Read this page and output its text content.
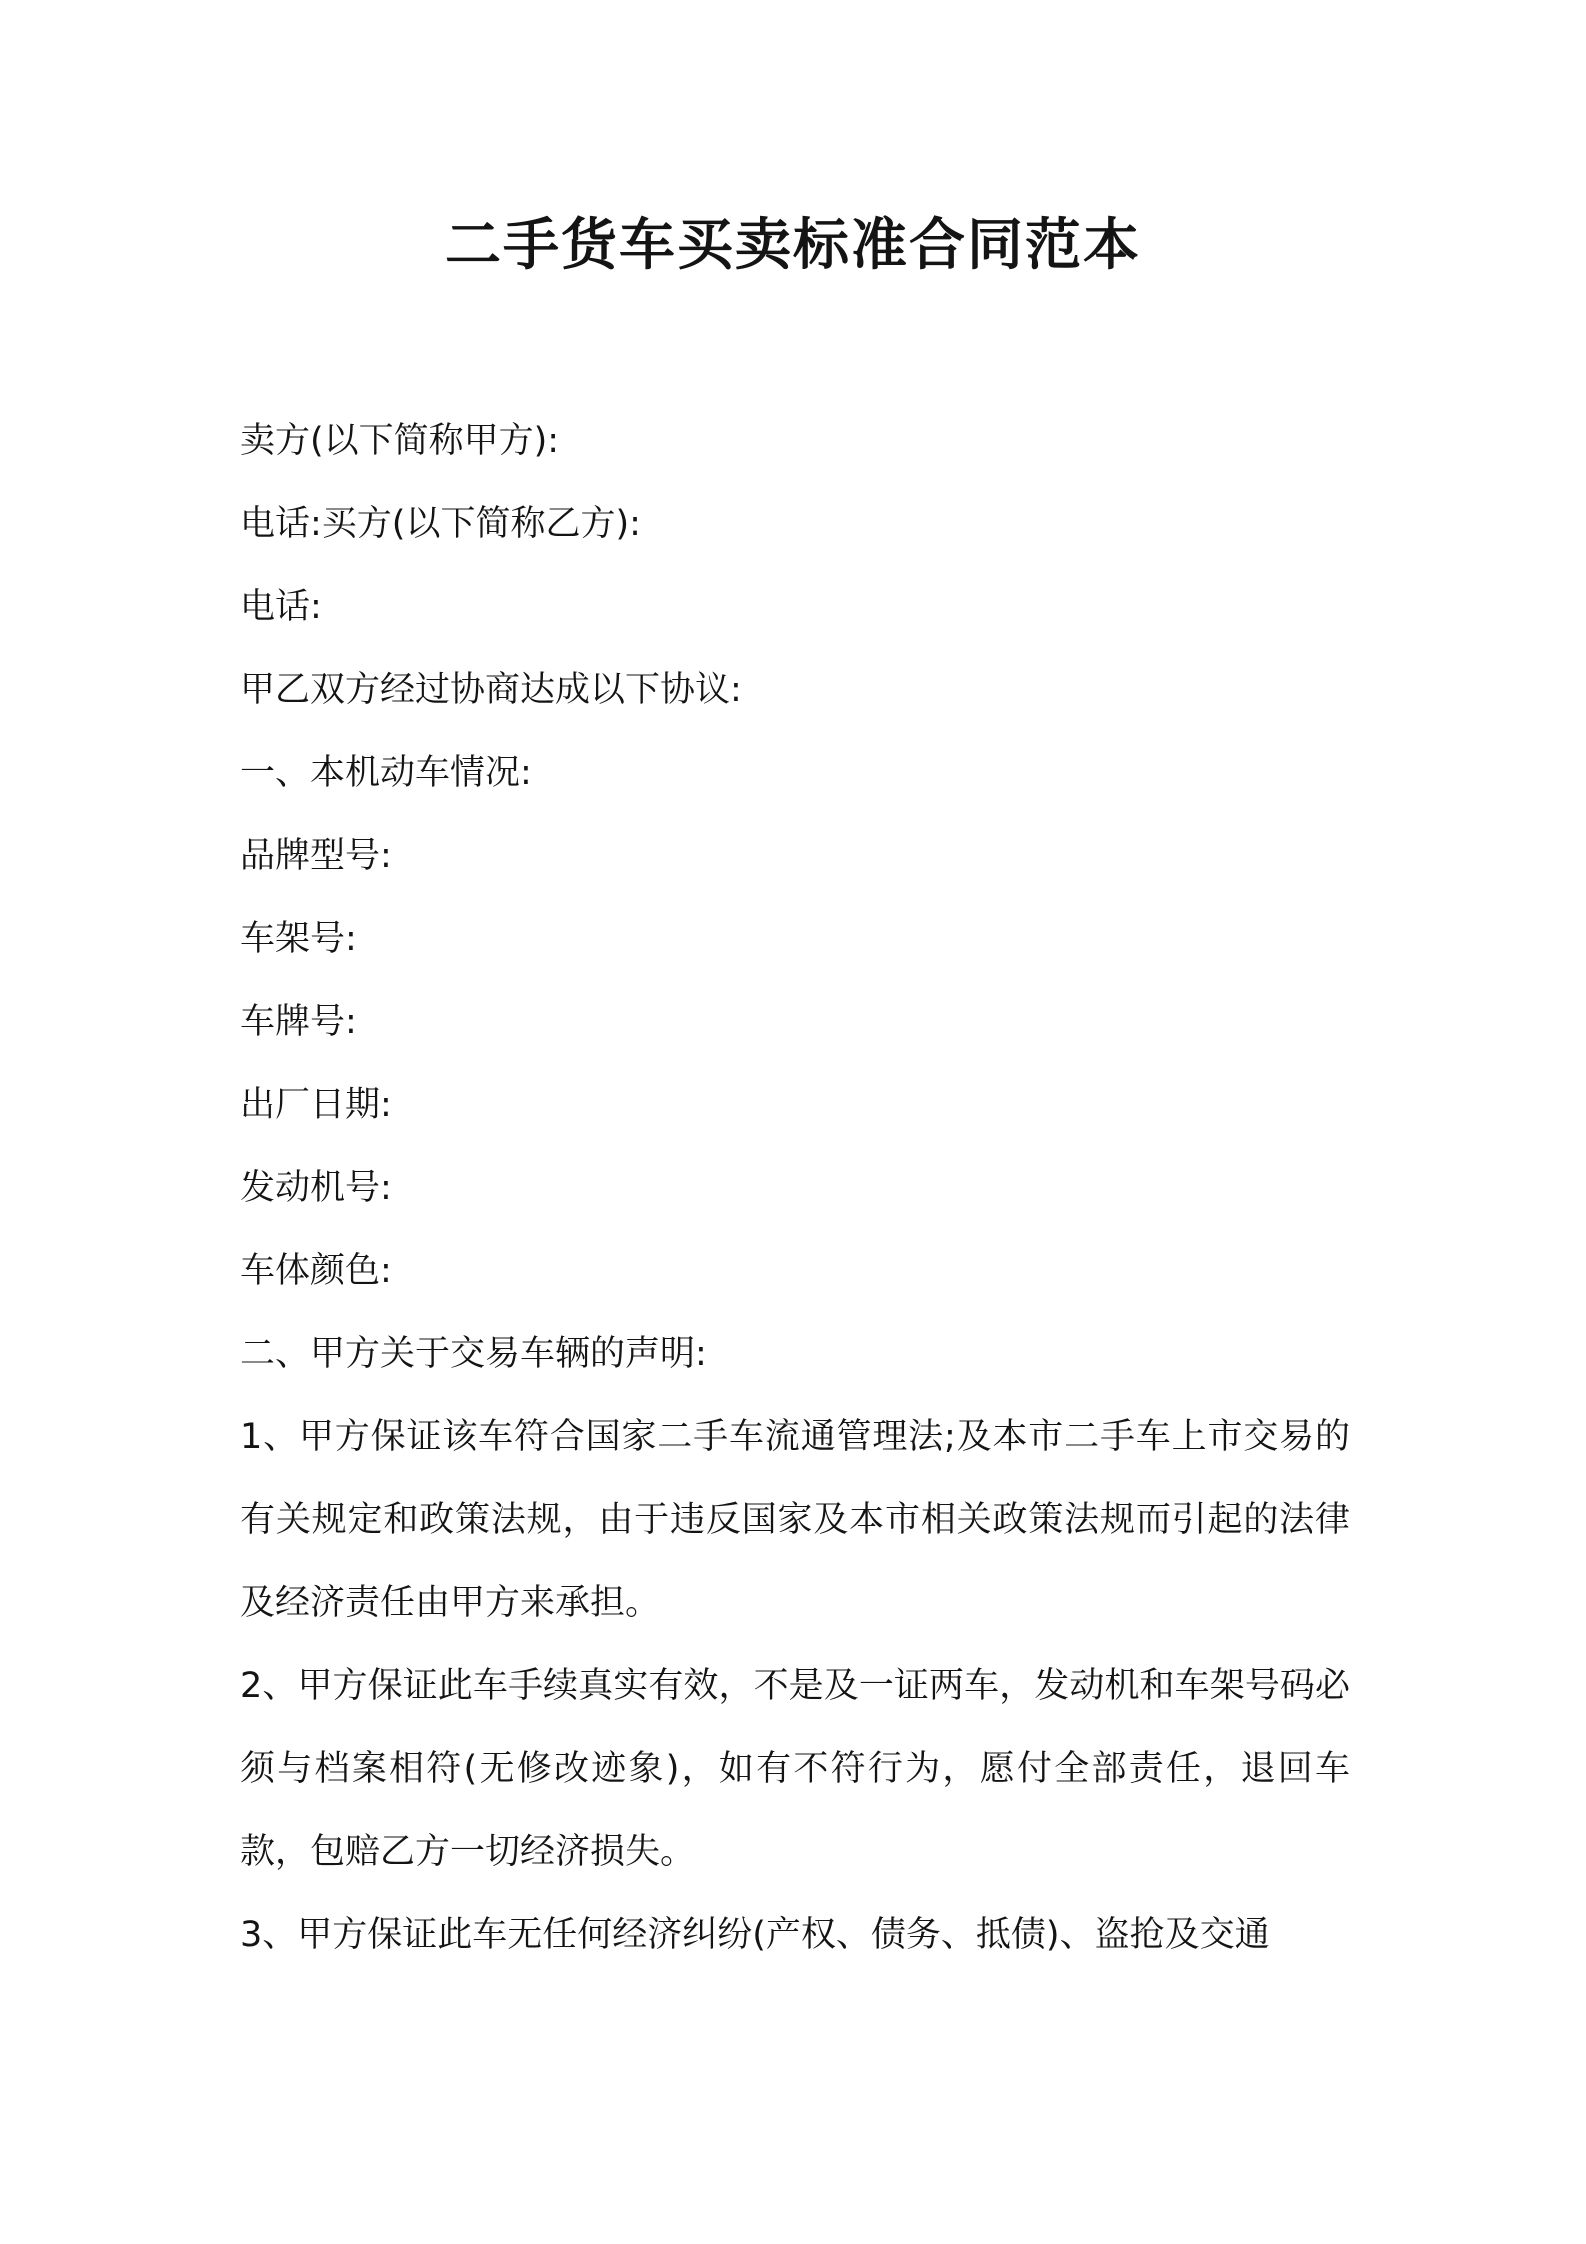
二手货车买卖标准合同范本

卖方(以下简称甲方):

电话:买方(以下简称乙方):

电话:

甲乙双方经过协商达成以下协议:

一、本机动车情况:

品牌型号:

车架号:

车牌号:

出厂日期:

发动机号:

车体颜色:

二、甲方关于交易车辆的声明:

1、甲方保证该车符合国家二手车流通管理法;及本市二手车上市交易的有关规定和政策法规，由于违反国家及本市相关政策法规而引起的法律及经济责任由甲方来承担。

2、甲方保证此车手续真实有效，不是及一证两车，发动机和车架号码必须与档案相符(无修改迹象)，如有不符行为，愿付全部责任，退回车款，包赔乙方一切经济损失。

3、甲方保证此车无任何经济纠纷(产权、债务、抵债)、盗抢及交通
